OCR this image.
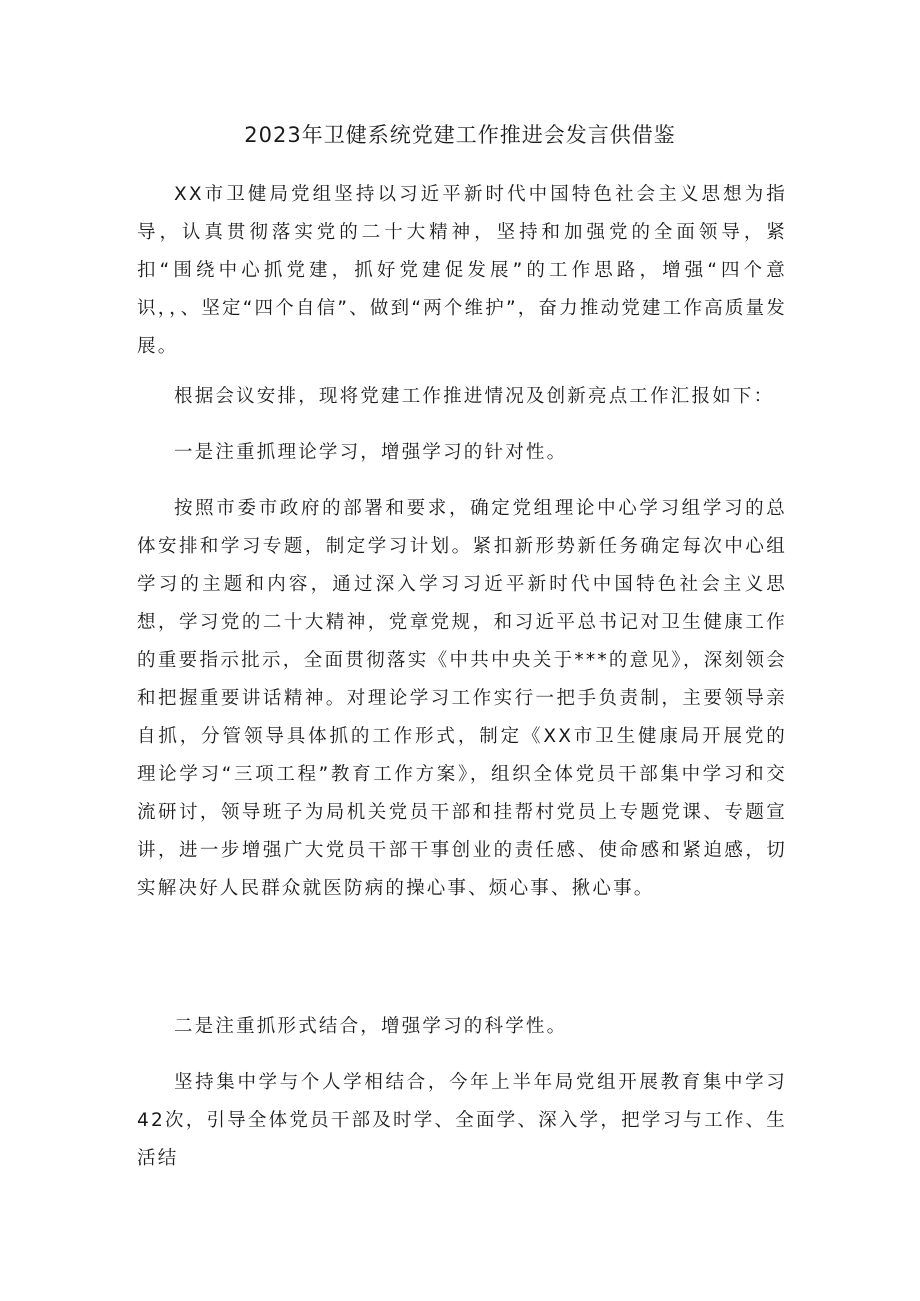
2023年卫健系统党建工作推进会发言供借鉴

XX市卫健局党组坚持以习近平新时代中国特色社会主义思想为指导，认真贯彻落实党的二十大精神，坚持和加强党的全面领导，紧扣“围绕中心抓党建，抓好党建促发展”的工作思路，增强“四个意识，，、坚定“四个自信”、做到“两个维护”，奋力推动党建工作高质量发展。

根据会议安排，现将党建工作推进情况及创新亮点工作汇报如下：

一是注重抓理论学习，增强学习的针对性。

按照市委市政府的部署和要求，确定党组理论中心学习组学习的总体安排和学习专题，制定学习计划。紧扣新形势新任务确定每次中心组学习的主题和内容，通过深入学习习近平新时代中国特色社会主义思想，学习党的二十大精神，党章党规，和习近平总书记对卫生健康工作的重要指示批示，全面贯彻落实《中共中央关于***的意见》，深刻领会和把握重要讲话精神。对理论学习工作实行一把手负责制，主要领导亲自抓，分管领导具体抓的工作形式，制定《XX市卫生健康局开展党的理论学习“三项工程”教育工作方案》，组织全体党员干部集中学习和交流研讨，领导班子为局机关党员干部和挂帮村党员上专题党课、专题宣讲，进一步增强广大党员干部干事创业的责任感、使命感和紧迫感，切实解决好人民群众就医防病的操心事、烦心事、揪心事。

二是注重抓形式结合，增强学习的科学性。

坚持集中学与个人学相结合，今年上半年局党组开展教育集中学习42次，引导全体党员干部及时学、全面学、深入学，把学习与工作、生活结
